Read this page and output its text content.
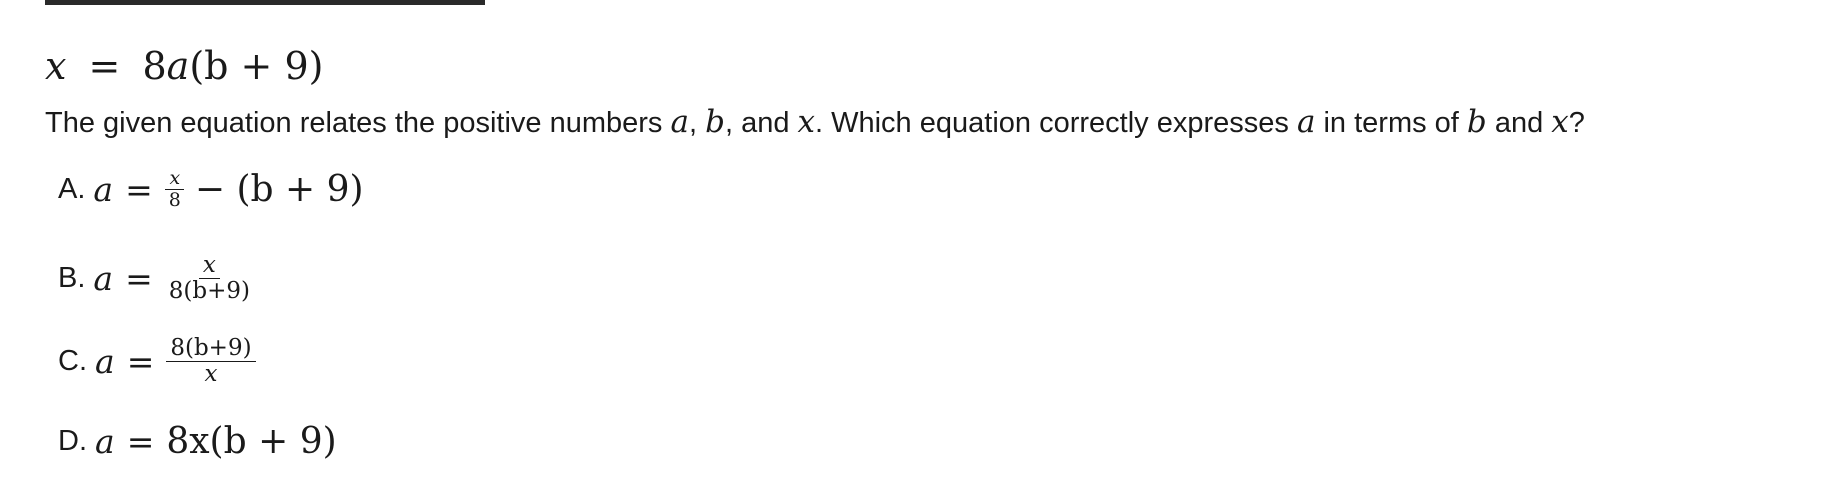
x = 8a(b + 9)
The given equation relates the positive numbers a, b, and x. Which equation correctly expresses a in terms of b and x?
A. $a = \frac{x}{8} - (b + 9)$
B. $a = \frac{x}{8(b+9)}$
C. $a = \frac{8(b+9)}{x}$
D. a = 8x(b + 9)
